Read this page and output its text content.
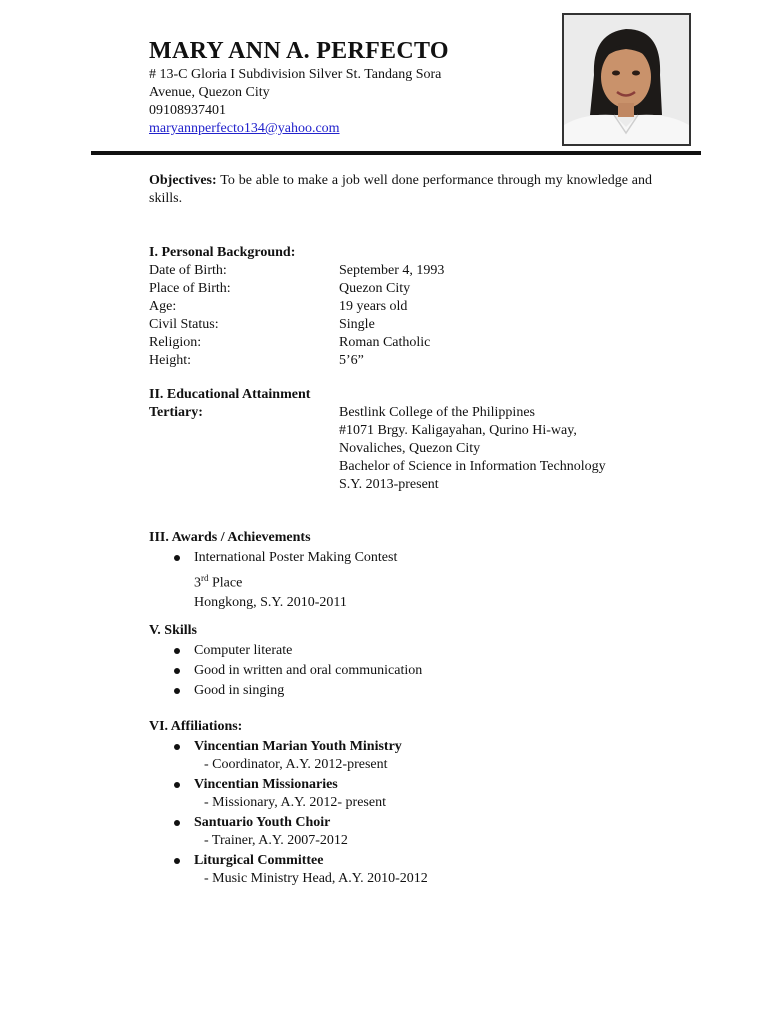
MARY ANN A. PERFECTO
# 13-C Gloria I Subdivision Silver St. Tandang Sora
Avenue, Quezon City
09108937401
maryannperfecto134@yahoo.com
Objectives: To be able to make a job well done performance through my knowledge and skills.
I. Personal Background:
Date of Birth:	September 4, 1993
Place of Birth:	Quezon City
Age:	19 years old
Civil Status:	Single
Religion:	Roman Catholic
Height:	5’6”
II. Educational Attainment
Tertiary:	Bestlink College of the Philippines
#1071 Brgy. Kaligayahan, Qurino Hi-way,
Novaliches, Quezon City
Bachelor of Science in Information Technology
S.Y. 2013-present
III. Awards / Achievements
International Poster Making Contest
3rd Place
Hongkong, S.Y. 2010-2011
V. Skills
Computer literate
Good in written and oral communication
Good in singing
VI. Affiliations:
Vincentian Marian Youth Ministry
- Coordinator, A.Y. 2012-present
Vincentian Missionaries
- Missionary, A.Y. 2012- present
Santuario Youth Choir
- Trainer, A.Y. 2007-2012
Liturgical Committee
- Music Ministry Head, A.Y. 2010-2012
